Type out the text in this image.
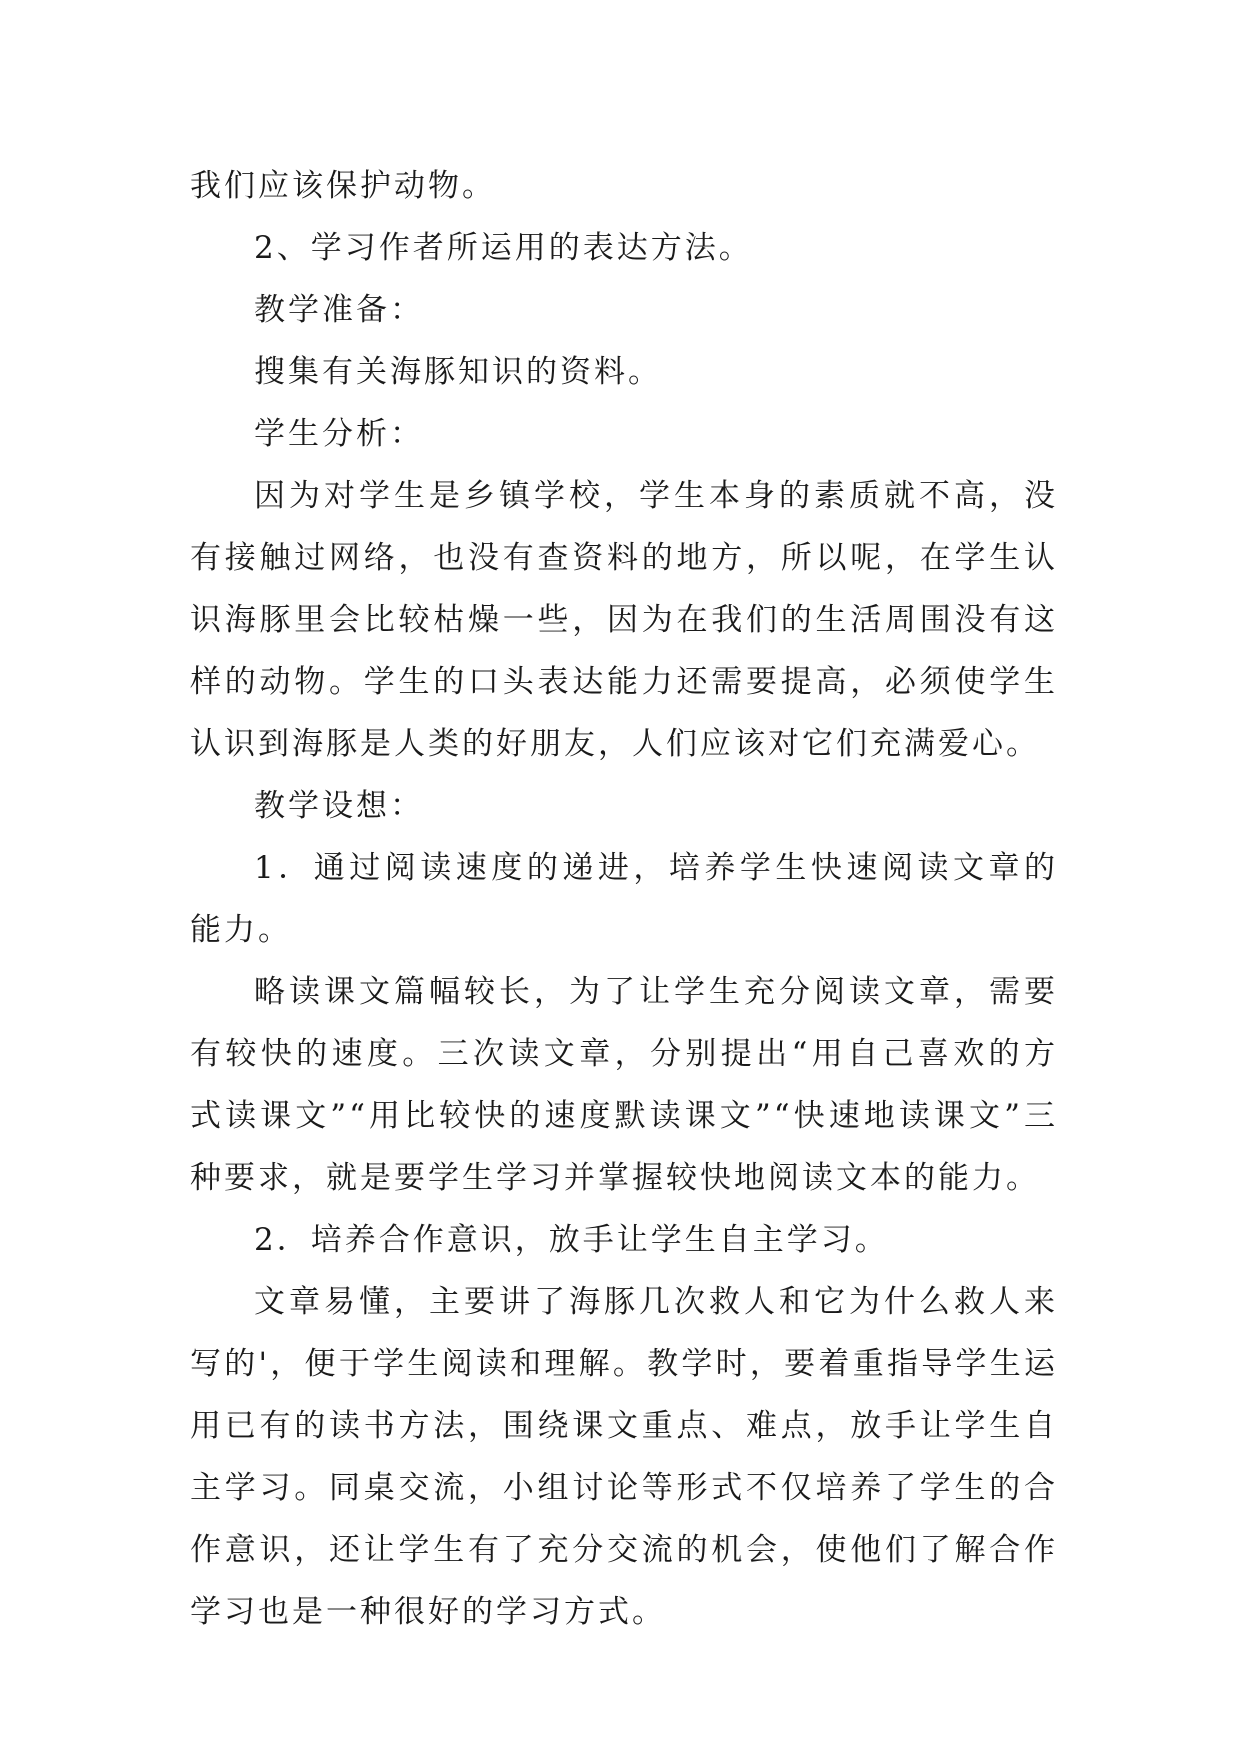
我们应该保护动物。

2、学习作者所运用的表达方法。

教学准备：

搜集有关海豚知识的资料。

学生分析：

因为对学生是乡镇学校，学生本身的素质就不高，没有接触过网络，也没有查资料的地方，所以呢，在学生认识海豚里会比较枯燥一些，因为在我们的生活周围没有这样的动物。学生的口头表达能力还需要提高，必须使学生认识到海豚是人类的好朋友，人们应该对它们充满爱心。

教学设想：

1．通过阅读速度的递进，培养学生快速阅读文章的能力。

略读课文篇幅较长，为了让学生充分阅读文章，需要有较快的速度。三次读文章，分别提出“用自己喜欢的方式读课文”“用比较快的速度默读课文”“快速地读课文”三种要求，就是要学生学习并掌握较快地阅读文本的能力。

2．培养合作意识，放手让学生自主学习。

文章易懂，主要讲了海豚几次救人和它为什么救人来写的'，便于学生阅读和理解。教学时，要着重指导学生运用已有的读书方法，围绕课文重点、难点，放手让学生自主学习。同桌交流，小组讨论等形式不仅培养了学生的合作意识，还让学生有了充分交流的机会，使他们了解合作学习也是一种很好的学习方式。
